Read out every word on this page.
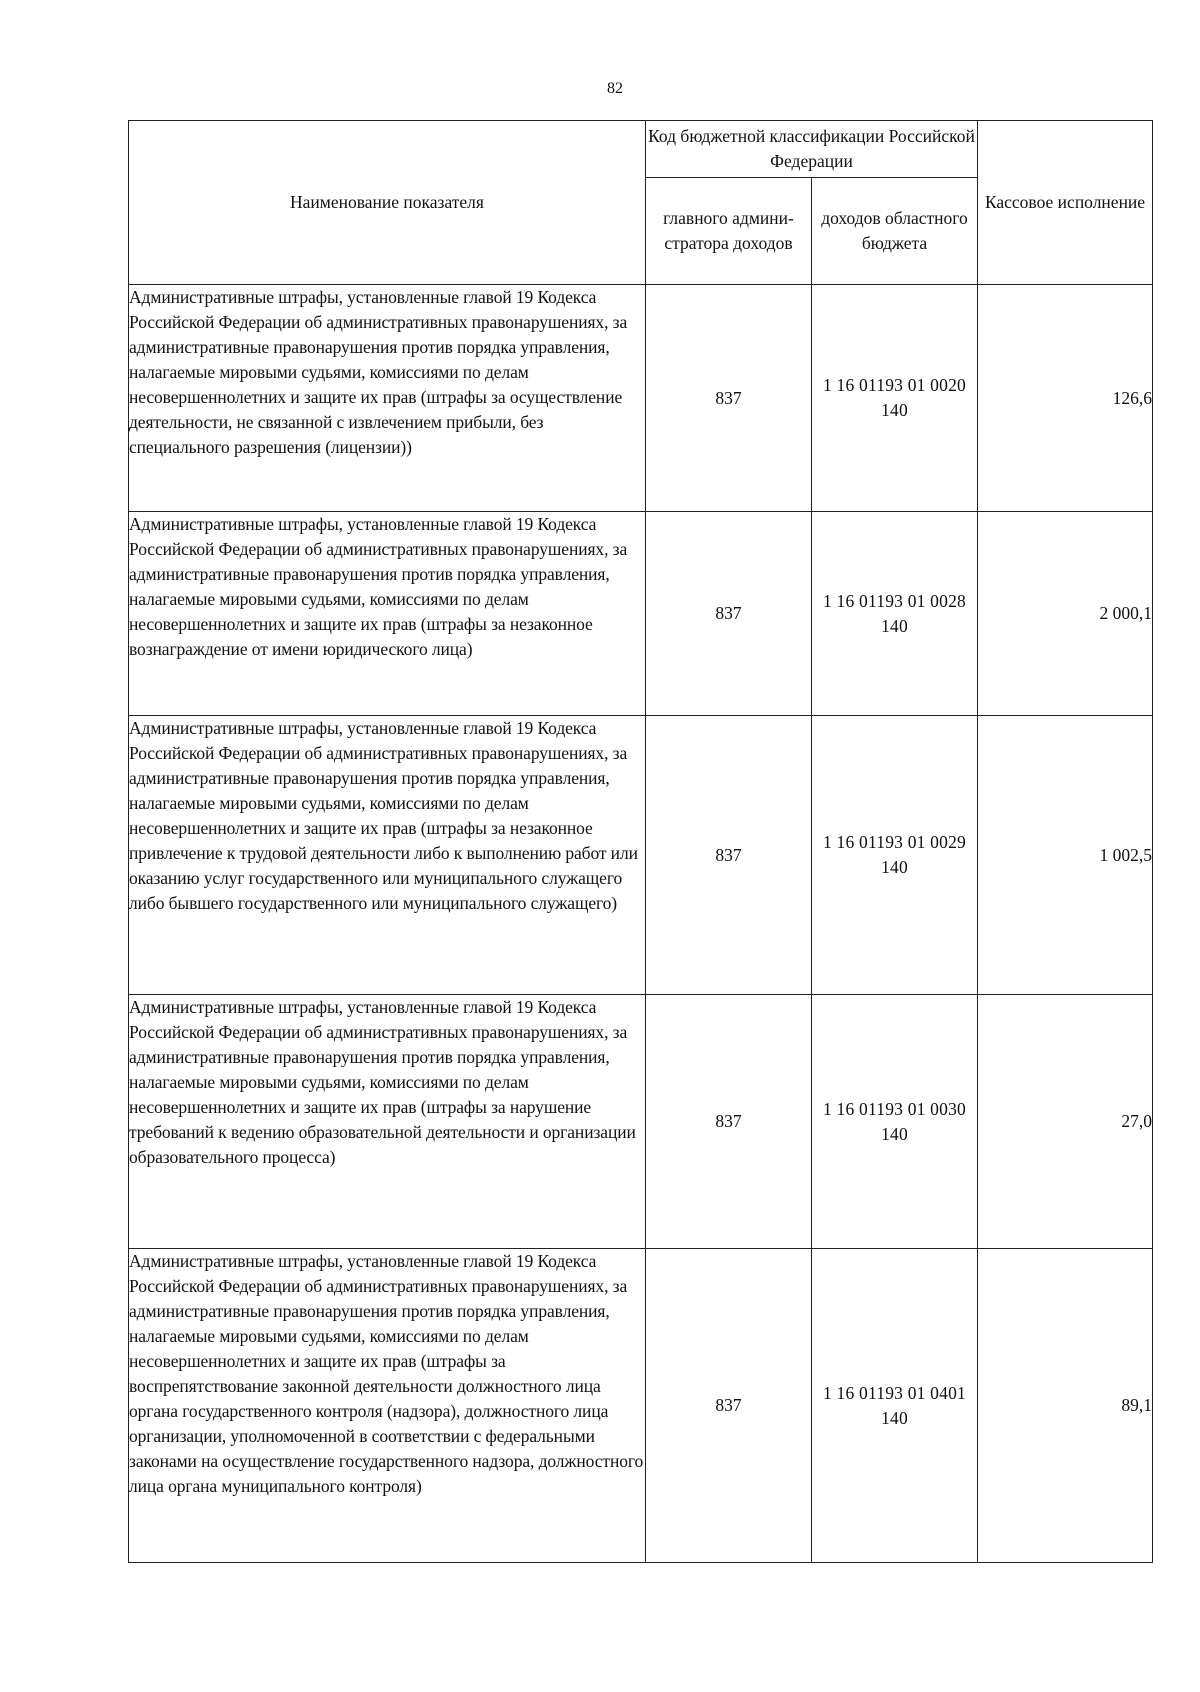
82
Наименование показателя	Код бюджетной классификации Российской Федерации		Кассовое исполнение
	главного админи-стратора доходов	доходов областного бюджета	
Административные штрафы, установленные главой 19 Кодекса Российской Федерации об административных правонарушениях, за административные правонарушения против порядка управления, налагаемые мировыми судьями, комиссиями по делам несовершеннолетних и защите их прав (штрафы за осуществление деятельности, не связанной с извлечением прибыли, без специального разрешения (лицензии))	837	1 16 01193 01 0020 140	126,6
Административные штрафы, установленные главой 19 Кодекса Российской Федерации об административных правонарушениях, за административные правонарушения против порядка управления, налагаемые мировыми судьями, комиссиями по делам несовершеннолетних и защите их прав (штрафы за незаконное вознаграждение от имени юридического лица)	837	1 16 01193 01 0028 140	2 000,1
Административные штрафы, установленные главой 19 Кодекса Российской Федерации об административных правонарушениях, за административные правонарушения против порядка управления, налагаемые мировыми судьями, комиссиями по делам несовершеннолетних и защите их прав (штрафы за незаконное привлечение к трудовой деятельности либо к выполнению работ или оказанию услуг государственного или муниципального служащего либо бывшего государственного или муниципального служащего)	837	1 16 01193 01 0029 140	1 002,5
Административные штрафы, установленные главой 19 Кодекса Российской Федерации об административных правонарушениях, за административные правонарушения против порядка управления, налагаемые мировыми судьями, комиссиями по делам несовершеннолетних и защите их прав (штрафы за нарушение требований к ведению образовательной деятельности и организации образовательного процесса)	837	1 16 01193 01 0030 140	27,0
Административные штрафы, установленные главой 19 Кодекса Российской Федерации об административных правонарушениях, за административные правонарушения против порядка управления, налагаемые мировыми судьями, комиссиями по делам несовершеннолетних и защите их прав (штрафы за воспрепятствование законной деятельности должностного лица органа государственного контроля (надзора), должностного лица организации, уполномоченной в соответствии с федеральными законами на осуществление государственного надзора, должностного лица органа муниципального контроля)	837	1 16 01193 01 0401 140	89,1
